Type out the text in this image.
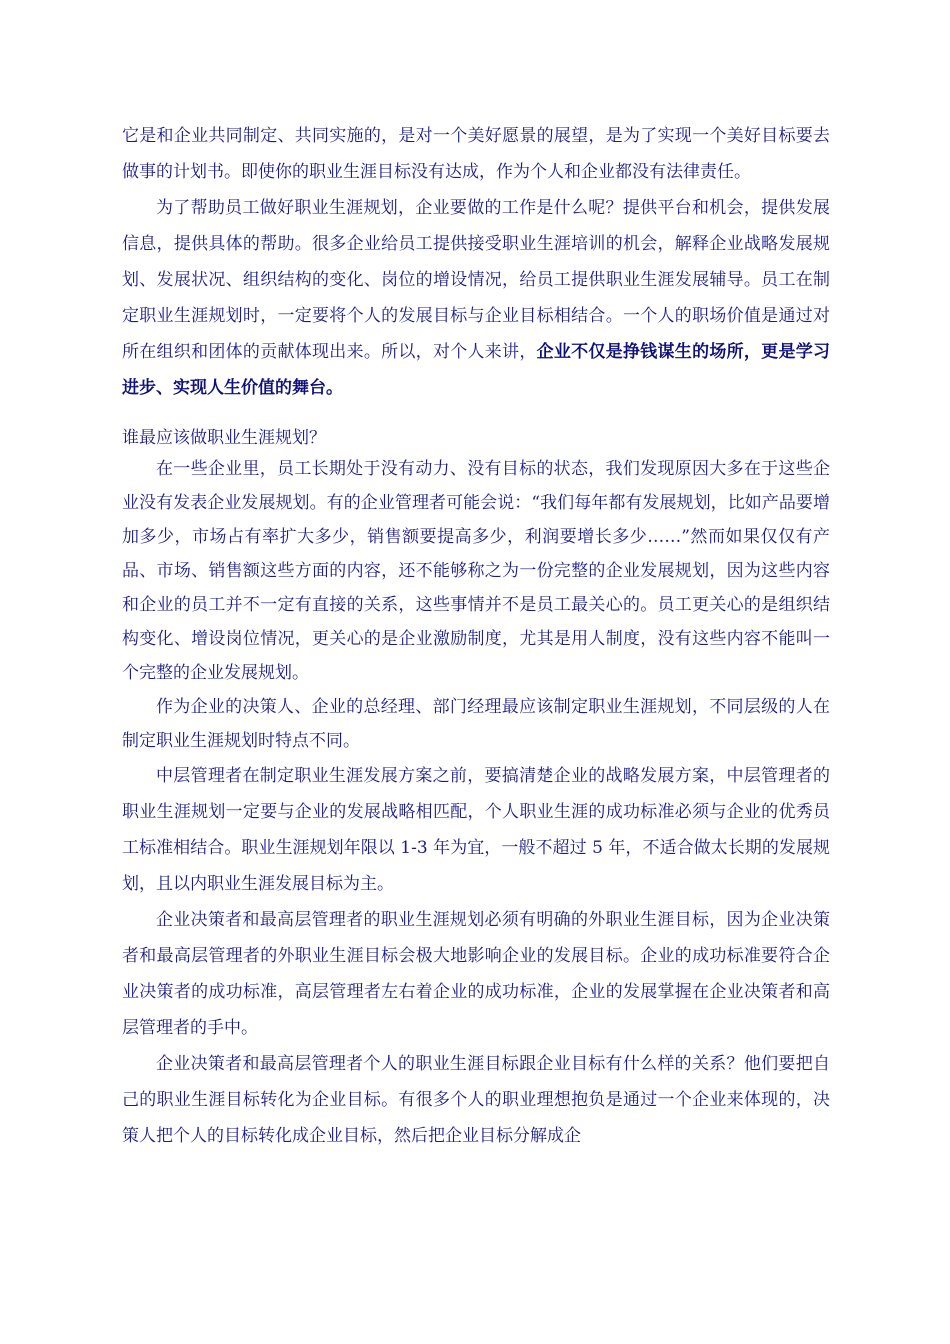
它是和企业共同制定、共同实施的，是对一个美好愿景的展望，是为了实现一个美好目标要去做事的计划书。即使你的职业生涯目标没有达成，作为个人和企业都没有法律责任。

为了帮助员工做好职业生涯规划，企业要做的工作是什么呢？提供平台和机会，提供发展信息，提供具体的帮助。很多企业给员工提供接受职业生涯培训的机会，解释企业战略发展规划、发展状况、组织结构的变化、岗位的增设情况，给员工提供职业生涯发展辅导。员工在制定职业生涯规划时，一定要将个人的发展目标与企业目标相结合。一个人的职场价值是通过对所在组织和团体的贡献体现出来。所以，对个人来讲，企业不仅是挣钱谋生的场所，更是学习进步、实现人生价值的舞台。

谁最应该做职业生涯规划？

在一些企业里，员工长期处于没有动力、没有目标的状态，我们发现原因大多在于这些企业没有发表企业发展规划。有的企业管理者可能会说：“我们每年都有发展规划，比如产品要增加多少，市场占有率扩大多少，销售额要提高多少，利润要增长多少……”然而如果仅仅有产品、市场、销售额这些方面的内容，还不能够称之为一份完整的企业发展规划，因为这些内容和企业的员工并不一定有直接的关系，这些事情并不是员工最关心的。员工更关心的是组织结构变化、增设岗位情况，更关心的是企业激励制度，尤其是用人制度，没有这些内容不能叫一个完整的企业发展规划。

作为企业的决策人、企业的总经理、部门经理最应该制定职业生涯规划，不同层级的人在制定职业生涯规划时特点不同。

中层管理者在制定职业生涯发展方案之前，要搞清楚企业的战略发展方案，中层管理者的职业生涯规划一定要与企业的发展战略相匹配，个人职业生涯的成功标准必须与企业的优秀员工标准相结合。职业生涯规划年限以 1-3 年为宜，一般不超过 5 年，不适合做太长期的发展规划，且以内职业生涯发展目标为主。

企业决策者和最高层管理者的职业生涯规划必须有明确的外职业生涯目标，因为企业决策者和最高层管理者的外职业生涯目标会极大地影响企业的发展目标。企业的成功标准要符合企业决策者的成功标准，高层管理者左右着企业的成功标准，企业的发展掌握在企业决策者和高层管理者的手中。

企业决策者和最高层管理者个人的职业生涯目标跟企业目标有什么样的关系？他们要把自己的职业生涯目标转化为企业目标。有很多个人的职业理想抱负是通过一个企业来体现的，决策人把个人的目标转化成企业目标，然后把企业目标分解成企
